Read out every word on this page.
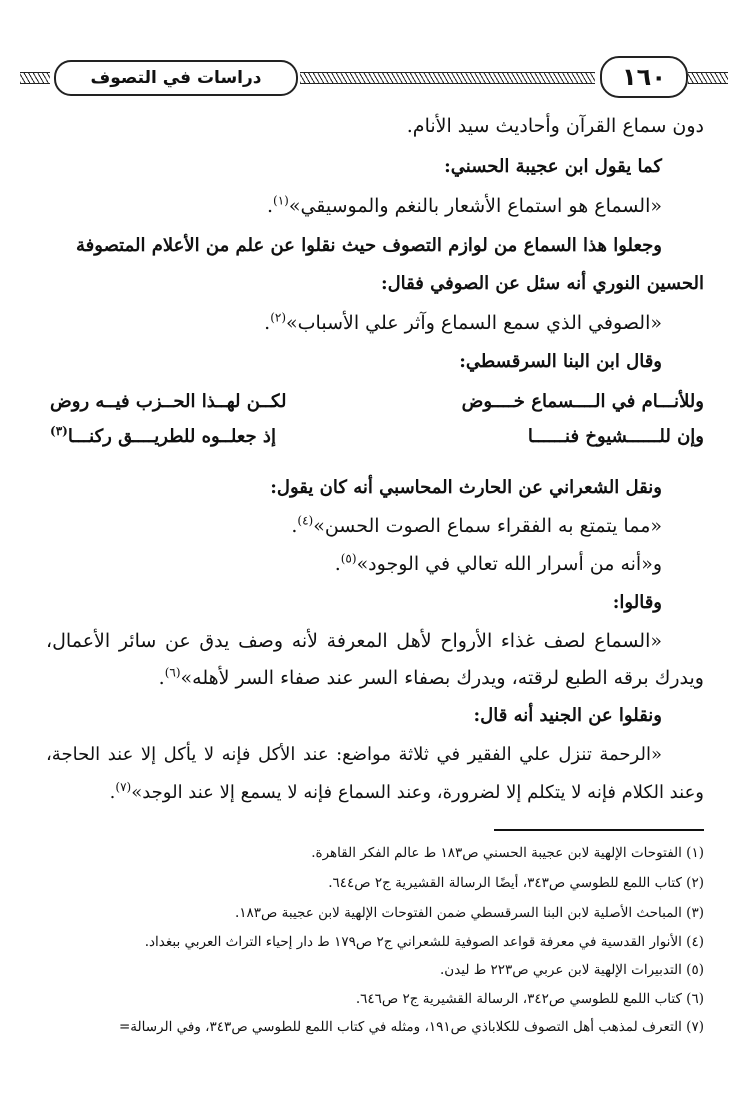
دراسات في التصوف	١٦٠
دون سماع القرآن وأحاديث سيد الأنام.
كما يقول ابن عجيبة الحسني:
«السماع هو استماع الأشعار بالنغم والموسيقي»$^{(١)}$.
وجعلوا هذا السماع من لوازم التصوف حيث نقلوا عن علم من الأعلام المتصوفة
الحسين النوري أنه سئل عن الصوفي فقال:
«الصوفي الذي سمع السماع وآثر علي الأسباب»$^{(٢)}$.
وقال ابن البنا السرقسطي:
وللأنـــام في الــــسماع خــــوض
لكــن لهــذا الحــزب فيــه روض
وإن للــــــشيوخ فنــــــا
إذ جعلــوه للطريــــق ركنـــا$^{(٣)}$
ونقل الشعراني عن الحارث المحاسبي أنه كان يقول:
«مما يتمتع به الفقراء سماع الصوت الحسن»$^{(٤)}$.
و«أنه من أسرار الله تعالي في الوجود»$^{(٥)}$.
وقالوا:
«السماع لصف غذاء الأرواح لأهل المعرفة لأنه وصف يدق عن سائر الأعمال،
ويدرك برقه الطبع لرقته، ويدرك بصفاء السر عند صفاء السر لأهله»$^{(٦)}$.
ونقلوا عن الجنيد أنه قال:
«الرحمة تنزل علي الفقير في ثلاثة مواضع: عند الأكل فإنه لا يأكل إلا عند الحاجة،
وعند الكلام فإنه لا يتكلم إلا لضرورة، وعند السماع فإنه لا يسمع إلا عند الوجد»$^{(٧)}$.
(١) الفتوحات الإلهية لابن عجيبة الحسني ص١٨٣ ط عالم الفكر القاهرة.
(٢) كتاب اللمع للطوسي ص٣٤٣، أيضًا الرسالة القشيرية ج٢ ص٦٤٤.
(٣) المباحث الأصلية لابن البنا السرقسطي ضمن الفتوحات الإلهية لابن عجيبة ص١٨٣.
(٤) الأنوار القدسية في معرفة قواعد الصوفية للشعراني ج٢ ص١٧٩ ط دار إحياء التراث العربي ببغداد.
(٥) التدبيرات الإلهية لابن عربي ص٢٢٣ ط ليدن.
(٦) كتاب اللمع للطوسي ص٣٤٢، الرسالة القشيرية ج٢ ص٦٤٦.
(٧) التعرف لمذهب أهل التصوف للكلاباذي ص١٩١، ومثله في كتاب اللمع للطوسي ص٣٤٣، وفي الرسالة=
